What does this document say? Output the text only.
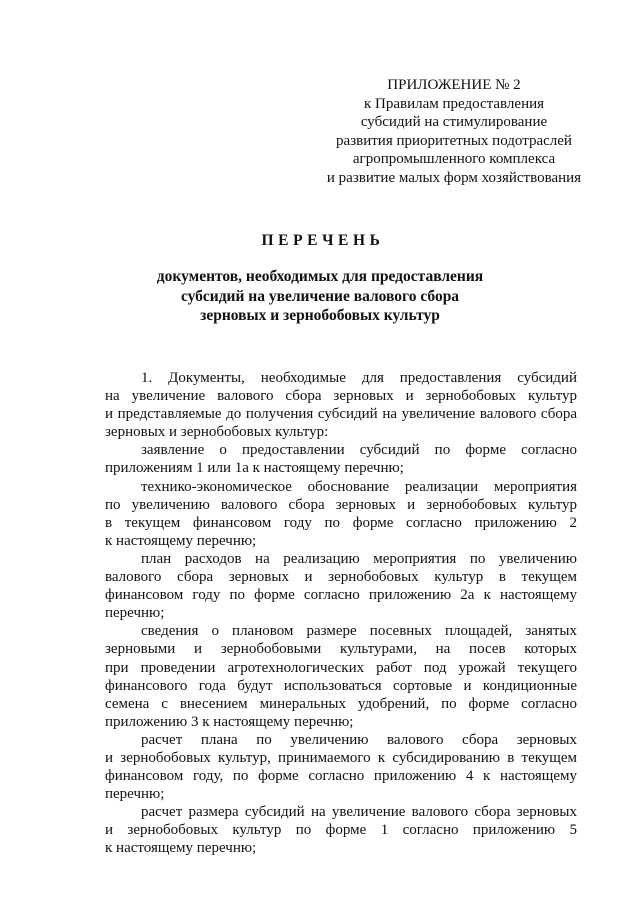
ПРИЛОЖЕНИЕ № 2
к Правилам предоставления
субсидий на стимулирование
развития приоритетных подотраслей
агропромышленного комплекса
и развитие малых форм хозяйствования
ПЕРЕЧЕНЬ
документов, необходимых для предоставления
субсидий на увеличение валового сбора
зерновых и зернобобовых культур
1. Документы, необходимые для предоставления субсидий
на увеличение валового сбора зерновых и зернобобовых культур
и представляемые до получения субсидий на увеличение валового сбора
зерновых и зернобобовых культур:
заявление о предоставлении субсидий по форме согласно
приложениям 1 или 1а к настоящему перечню;
технико-экономическое обоснование реализации мероприятия
по увеличению валового сбора зерновых и зернобобовых культур
в текущем финансовом году по форме согласно приложению 2
к настоящему перечню;
план расходов на реализацию мероприятия по увеличению
валового сбора зерновых и зернобобовых культур в текущем
финансовом году по форме согласно приложению 2а к настоящему
перечню;
сведения о плановом размере посевных площадей, занятых
зерновыми и зернобобовыми культурами, на посев которых
при проведении агротехнологических работ под урожай текущего
финансового года будут использоваться сортовые и кондиционные
семена с внесением минеральных удобрений, по форме согласно
приложению 3 к настоящему перечню;
расчет плана по увеличению валового сбора зерновых
и зернобобовых культур, принимаемого к субсидированию в текущем
финансовом году, по форме согласно приложению 4 к настоящему
перечню;
расчет размера субсидий на увеличение валового сбора зерновых
и зернобобовых культур по форме 1 согласно приложению 5
к настоящему перечню;
